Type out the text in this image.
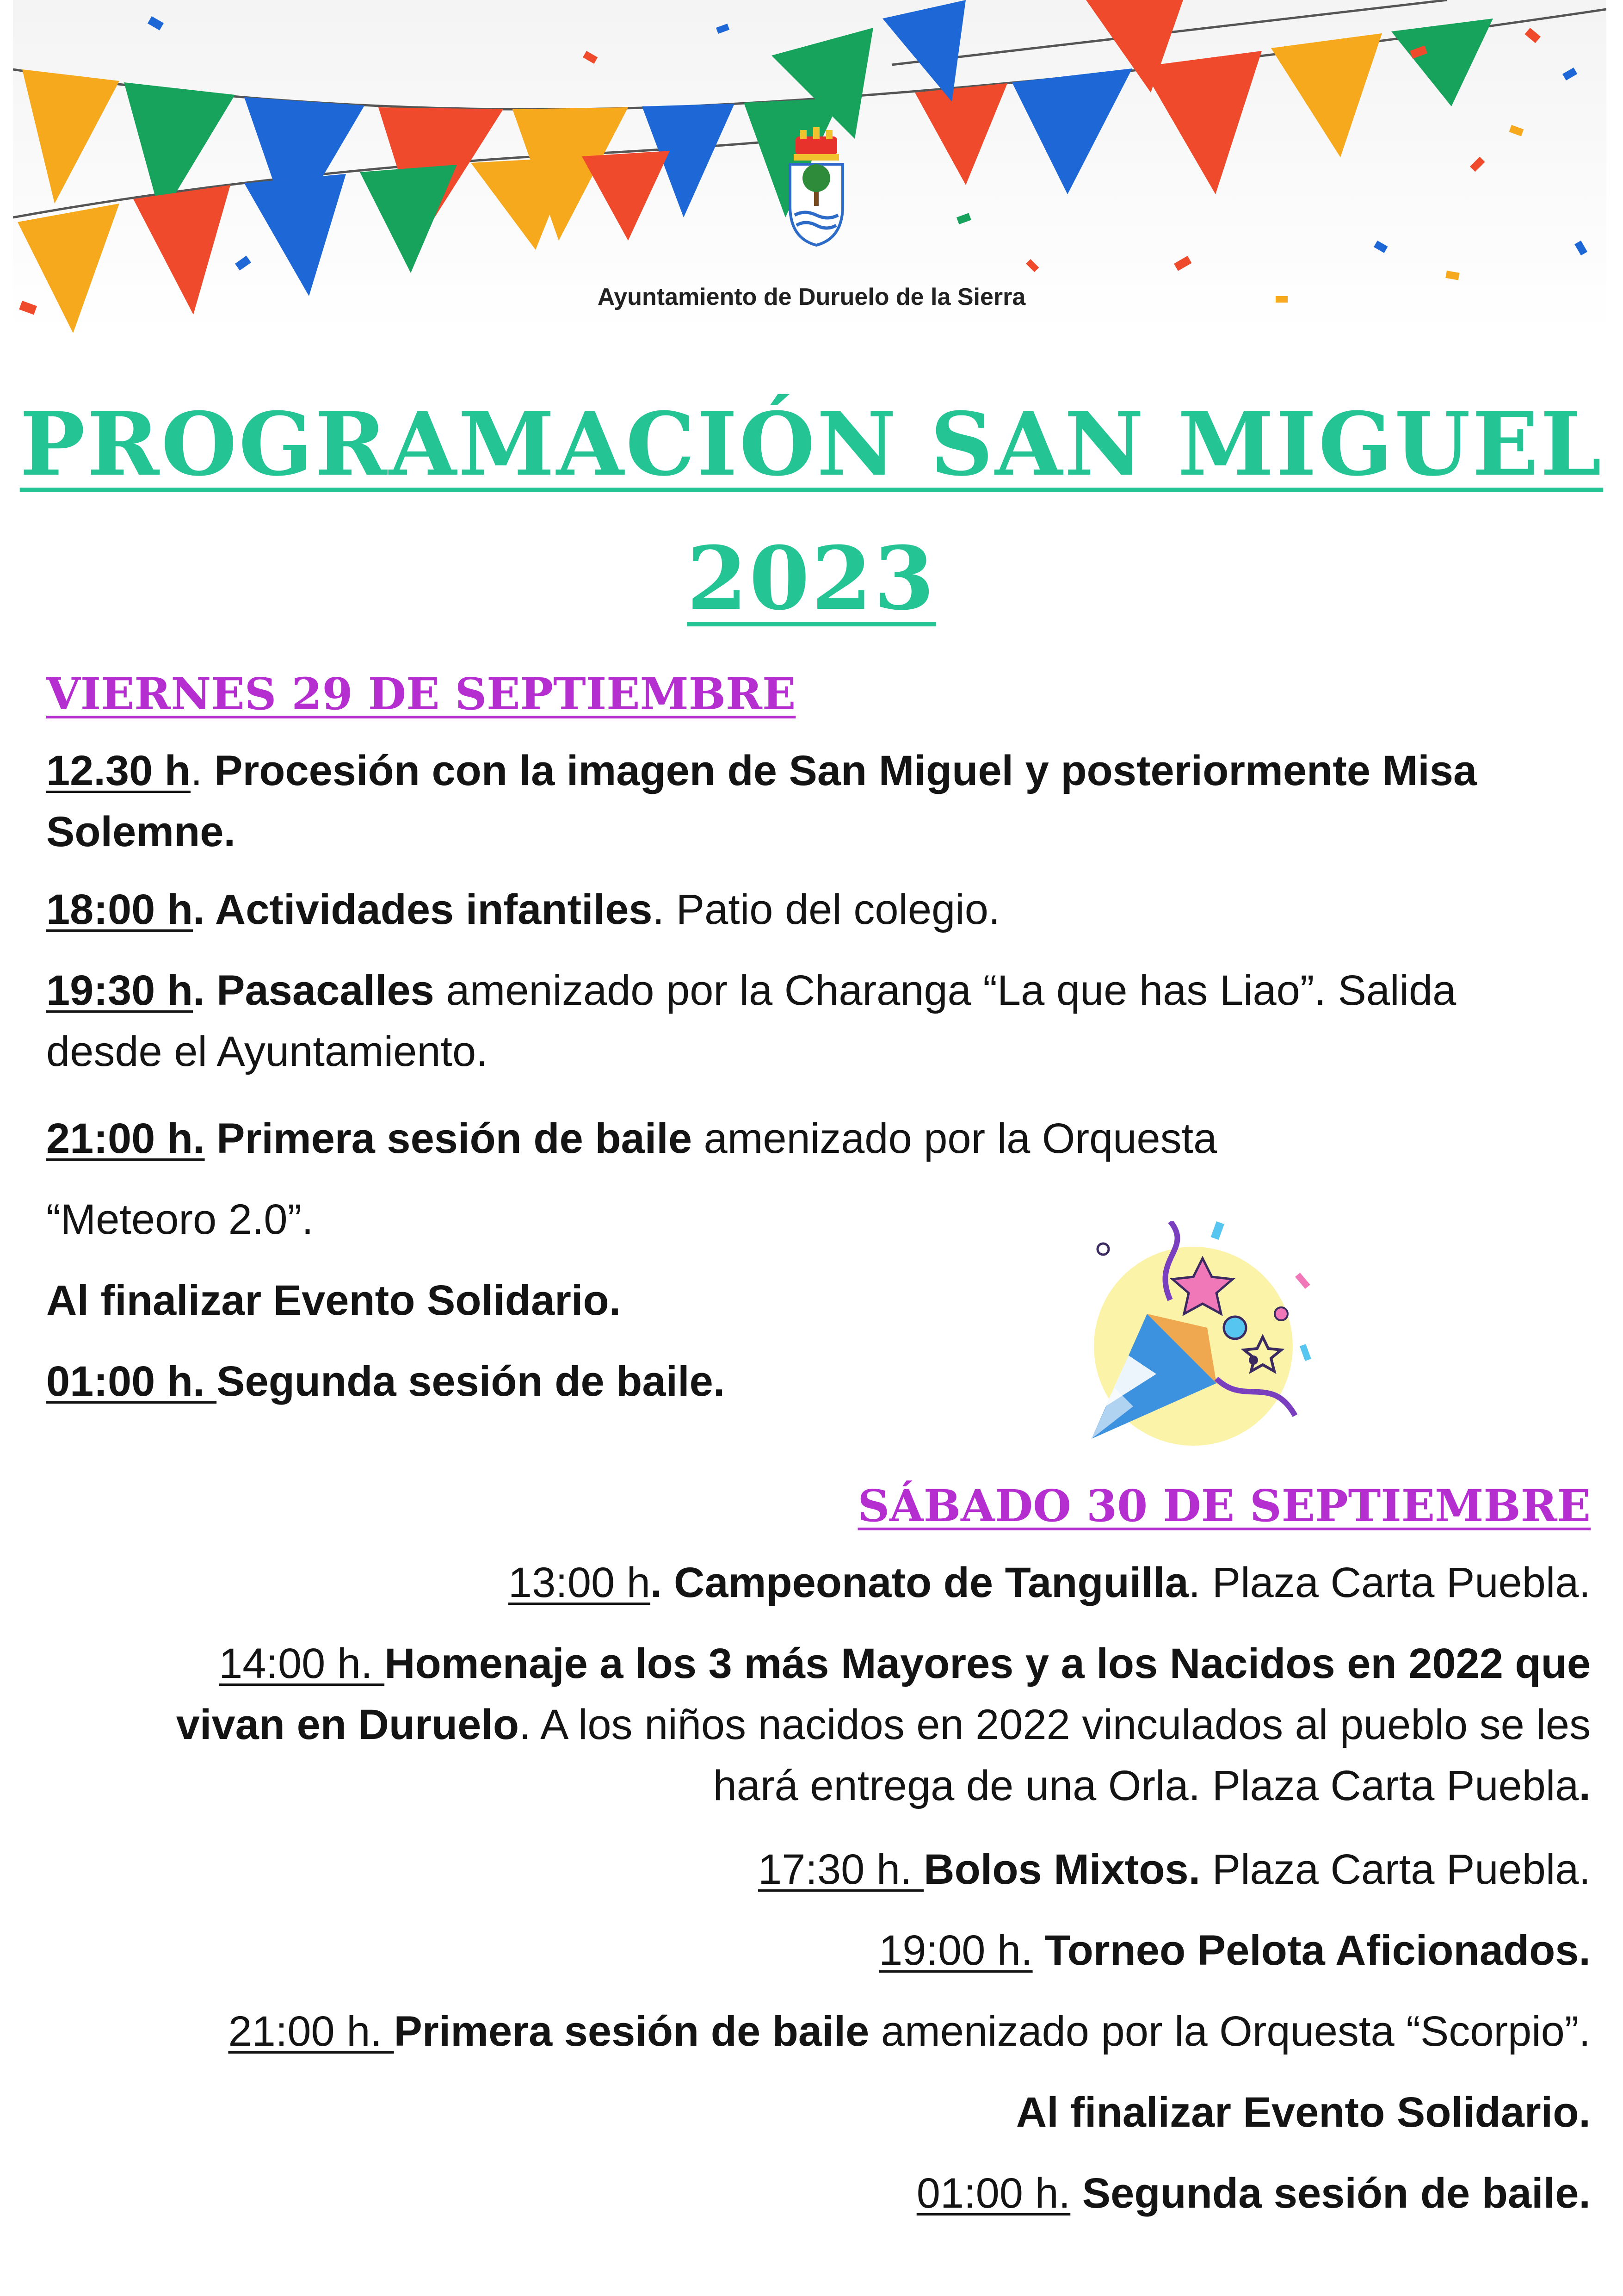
Ayuntamiento de Duruelo de la Sierra
PROGRAMACIÓN SAN MIGUEL
2023
VIERNES 29 DE SEPTIEMBRE
12.30 h. Procesión con la imagen de San Miguel y posteriormente Misa
Solemne.
18:00 h. Actividades infantiles. Patio del colegio.
19:30 h. Pasacalles amenizado por la Charanga “La que has Liao”. Salida
desde el Ayuntamiento.
21:00 h. Primera sesión de baile amenizado por la Orquesta
“Meteoro 2.0”.
Al finalizar Evento Solidario.
01:00 h. Segunda sesión de baile.
SÁBADO 30 DE SEPTIEMBRE
13:00 h. Campeonato de Tanguilla. Plaza Carta Puebla.
14:00 h. Homenaje a los 3 más Mayores y a los Nacidos en 2022 que
vivan en Duruelo. A los niños nacidos en 2022 vinculados al pueblo se les
hará entrega de una Orla. Plaza Carta Puebla.
17:30 h. Bolos Mixtos. Plaza Carta Puebla.
19:00 h. Torneo Pelota Aficionados.
21:00 h. Primera sesión de baile amenizado por la Orquesta “Scorpio”.
Al finalizar Evento Solidario.
01:00 h. Segunda sesión de baile.
